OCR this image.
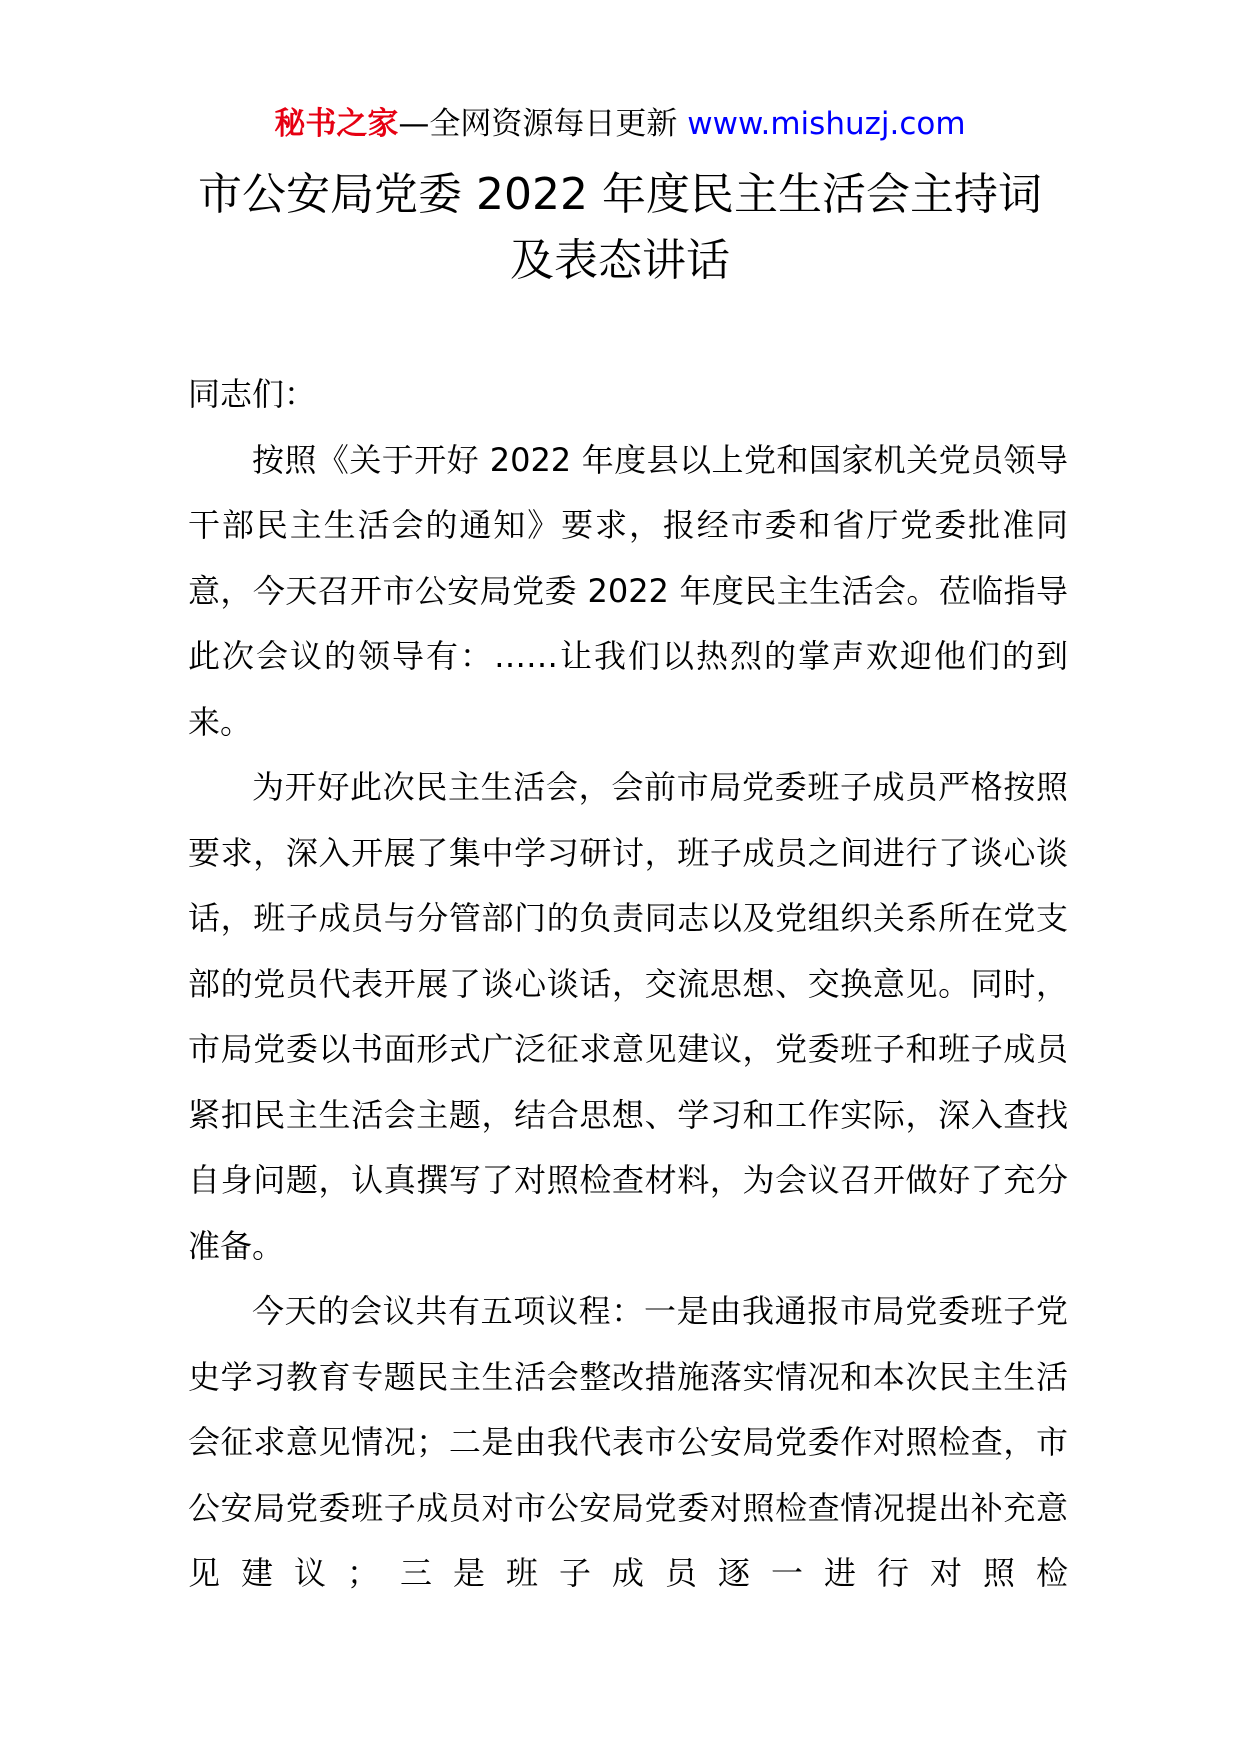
秘书之家—全网资源每日更新 www.mishuzj.com
市公安局党委 2022 年度民主生活会主持词
及表态讲话

同志们：

按照《关于开好 2022 年度县以上党和国家机关党员领导干部民主生活会的通知》要求，报经市委和省厅党委批准同意，今天召开市公安局党委 2022 年度民主生活会。莅临指导此次会议的领导有：……让我们以热烈的掌声欢迎他们的到来。

为开好此次民主生活会，会前市局党委班子成员严格按照要求，深入开展了集中学习研讨，班子成员之间进行了谈心谈话，班子成员与分管部门的负责同志以及党组织关系所在党支部的党员代表开展了谈心谈话，交流思想、交换意见。同时，市局党委以书面形式广泛征求意见建议，党委班子和班子成员紧扣民主生活会主题，结合思想、学习和工作实际，深入查找自身问题，认真撰写了对照检查材料，为会议召开做好了充分准备。

今天的会议共有五项议程：一是由我通报市局党委班子党史学习教育专题民主生活会整改措施落实情况和本次民主生活会征求意见情况；二是由我代表市公安局党委作对照检查，市公安局党委班子成员对市公安局党委对照检查情况提出补充意见建议；三是班子成员逐一进行对照检
